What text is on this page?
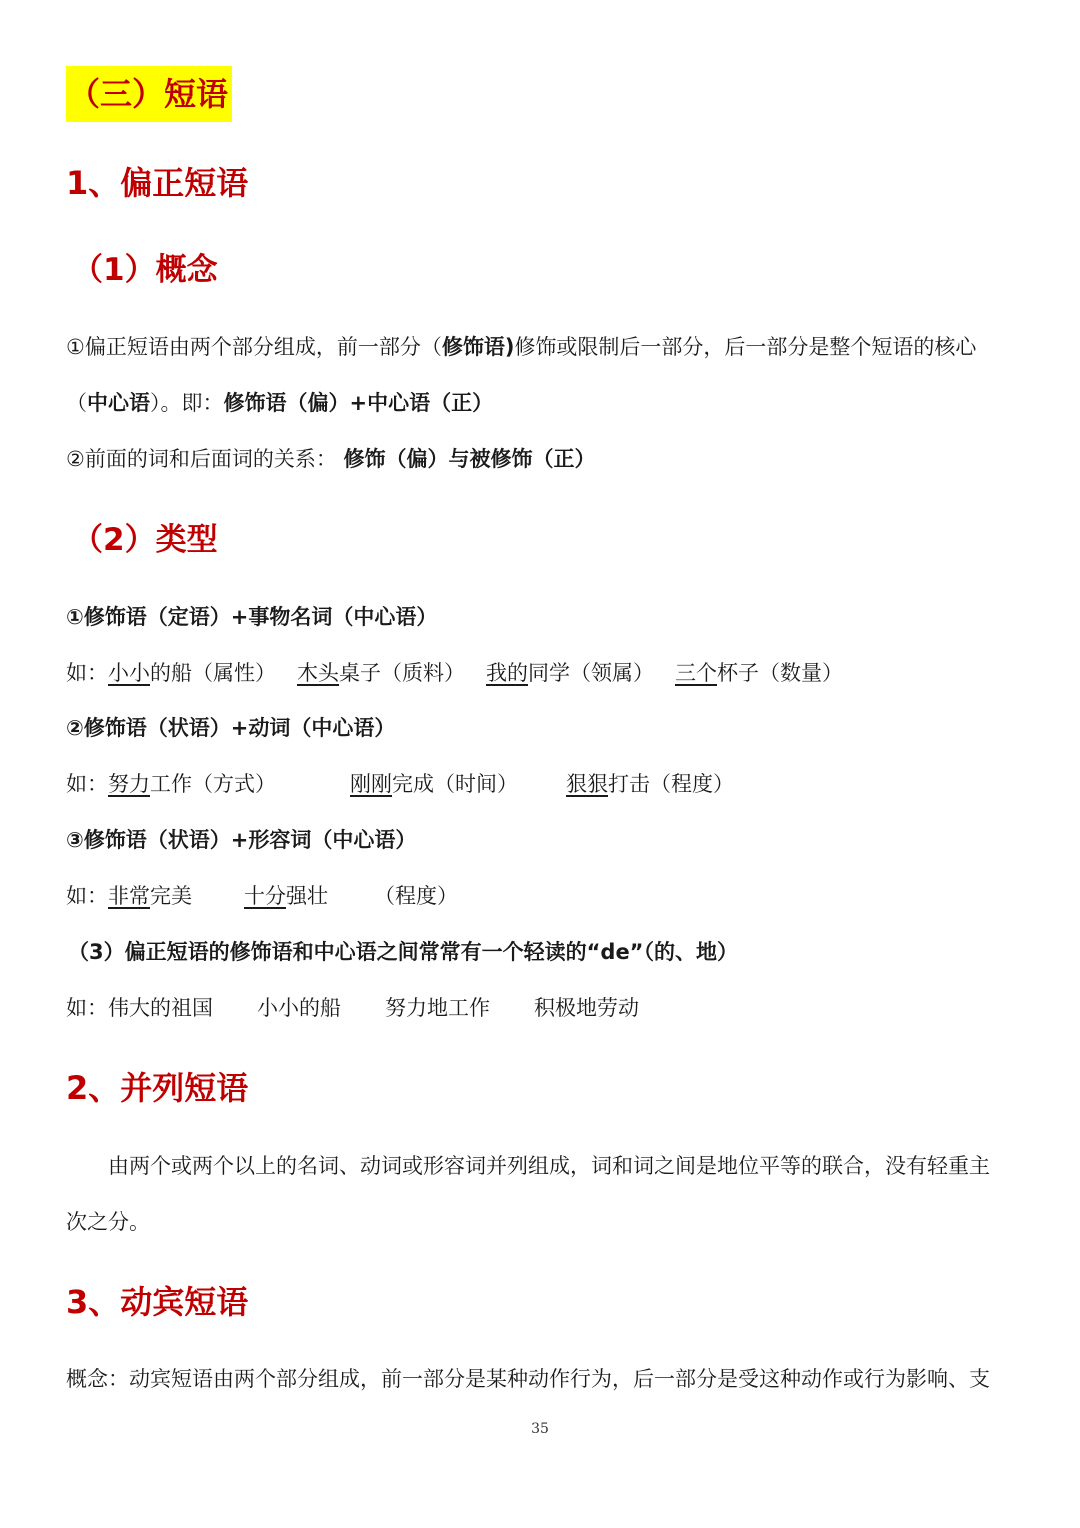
（三）短语
1、偏正短语
（1）概念
①偏正短语由两个部分组成，前一部分（修饰语)修饰或限制后一部分，后一部分是整个短语的核心
（中心语）。即：修饰语（偏）+中心语（正）
②前面的词和后面词的关系： 修饰（偏）与被修饰（正）
（2）类型
①修饰语（定语）+事物名词（中心语）
如：小小的船（属性） 木头桌子（质料） 我的同学（领属） 三个杯子（数量）
②修饰语（状语）+动词（中心语）
如：努力工作（方式）	刚刚完成（时间） 狠狠打击（程度）
③修饰语（状语）+形容词（中心语）
如：非常完美 十分强壮 （程度）
（3）偏正短语的修饰语和中心语之间常常有一个轻读的“de”（的、地）
如：伟大的祖国 小小的船 努力地工作 积极地劳动
2、并列短语
由两个或两个以上的名词、动词或形容词并列组成，词和词之间是地位平等的联合，没有轻重主
次之分。
3、动宾短语
概念：动宾短语由两个部分组成，前一部分是某种动作行为，后一部分是受这种动作或行为影响、支
35
